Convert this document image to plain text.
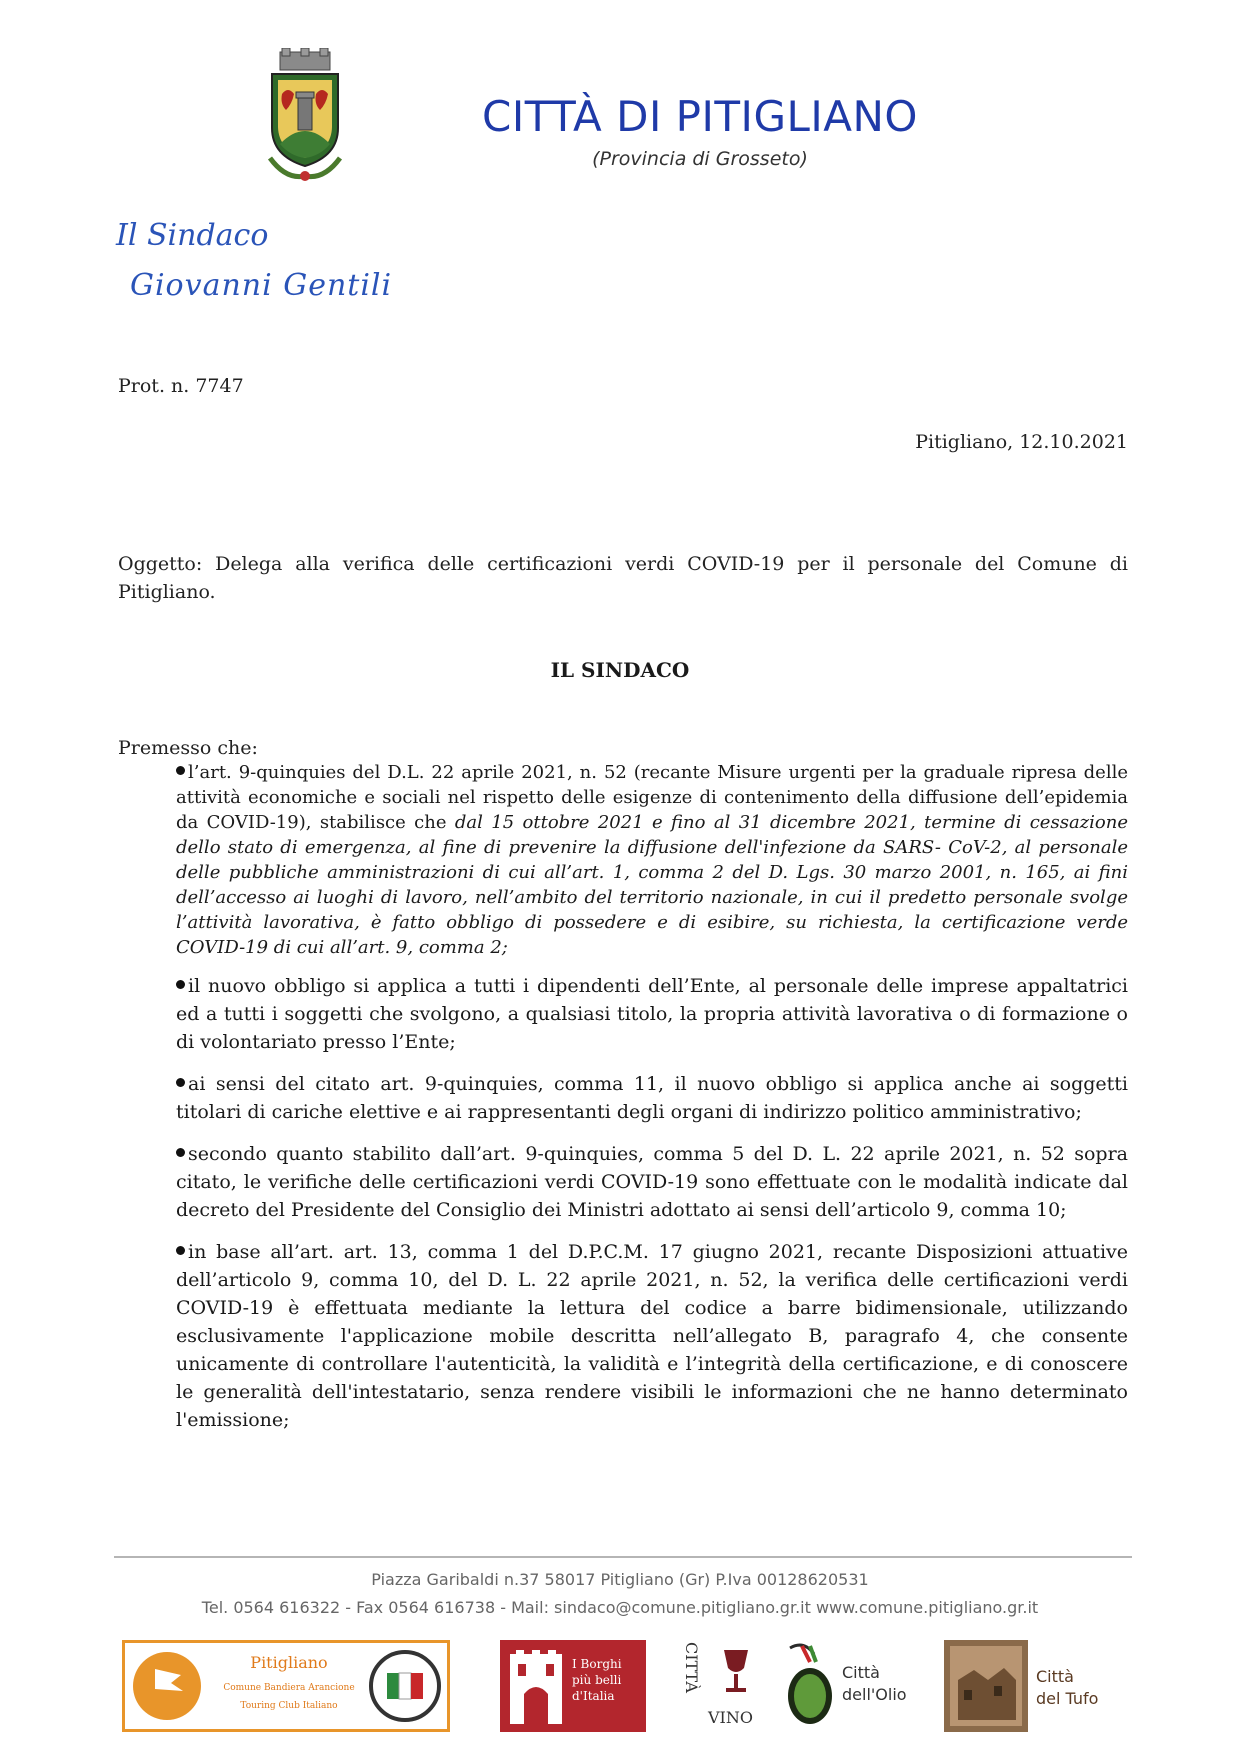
CITTÀ DI PITIGLIANO
(Provincia di Grosseto)
Il Sindaco
Giovanni Gentili
Prot. n. 7747
Pitigliano, 12.10.2021
Oggetto: Delega alla verifica delle certificazioni verdi COVID-19 per il personale del Comune di Pitigliano.
IL SINDACO
Premesso che:
l’art. 9-quinquies del D.L. 22 aprile 2021, n. 52 (recante Misure urgenti per la graduale ripresa delle attività economiche e sociali nel rispetto delle esigenze di contenimento della diffusione dell’epidemia da COVID-19), stabilisce che dal 15 ottobre 2021 e fino al 31 dicembre 2021, termine di cessazione dello stato di emergenza, al fine di prevenire la diffusione dell'infezione da SARS- CoV-2, al personale delle pubbliche amministrazioni di cui all’art. 1, comma 2 del D. Lgs. 30 marzo 2001, n. 165, ai fini dell’accesso ai luoghi di lavoro, nell’ambito del territorio nazionale, in cui il predetto personale svolge l’attività lavorativa, è fatto obbligo di possedere e di esibire, su richiesta, la certificazione verde COVID-19 di cui all’art. 9, comma 2;
il nuovo obbligo si applica a tutti i dipendenti dell’Ente, al personale delle imprese appaltatrici ed a tutti i soggetti che svolgono, a qualsiasi titolo, la propria attività lavorativa o di formazione o di volontariato presso l’Ente;
ai sensi del citato art. 9-quinquies, comma 11, il nuovo obbligo si applica anche ai soggetti titolari di cariche elettive e ai rappresentanti degli organi di indirizzo politico amministrativo;
secondo quanto stabilito dall’art. 9-quinquies, comma 5 del D. L. 22 aprile 2021, n. 52 sopra citato, le verifiche delle certificazioni verdi COVID-19 sono effettuate con le modalità indicate dal decreto del Presidente del Consiglio dei Ministri adottato ai sensi dell’articolo 9, comma 10;
in base all’art. art. 13, comma 1 del D.P.C.M. 17 giugno 2021, recante Disposizioni attuative dell’articolo 9, comma 10, del D. L. 22 aprile 2021, n. 52, la verifica delle certificazioni verdi COVID-19 è effettuata mediante la lettura del codice a barre bidimensionale, utilizzando esclusivamente l'applicazione mobile descritta nell’allegato B, paragrafo 4, che consente unicamente di controllare l'autenticità, la validità e l’integrità della certificazione, e di conoscere le generalità dell'intestatario, senza rendere visibili le informazioni che ne hanno determinato l'emissione;
Piazza Garibaldi n.37 58017 Pitigliano (Gr) P.Iva 00128620531
Tel. 0564 616322 - Fax 0564 616738 - Mail: sindaco@comune.pitigliano.gr.it www.comune.pitigliano.gr.it
Pitigliano
Comune Bandiera Arancione
Touring Club Italiano
I Borghi
più belli
d'Italia
CITTÀ
VINO
Città
dell'Olio
Città
del Tufo
